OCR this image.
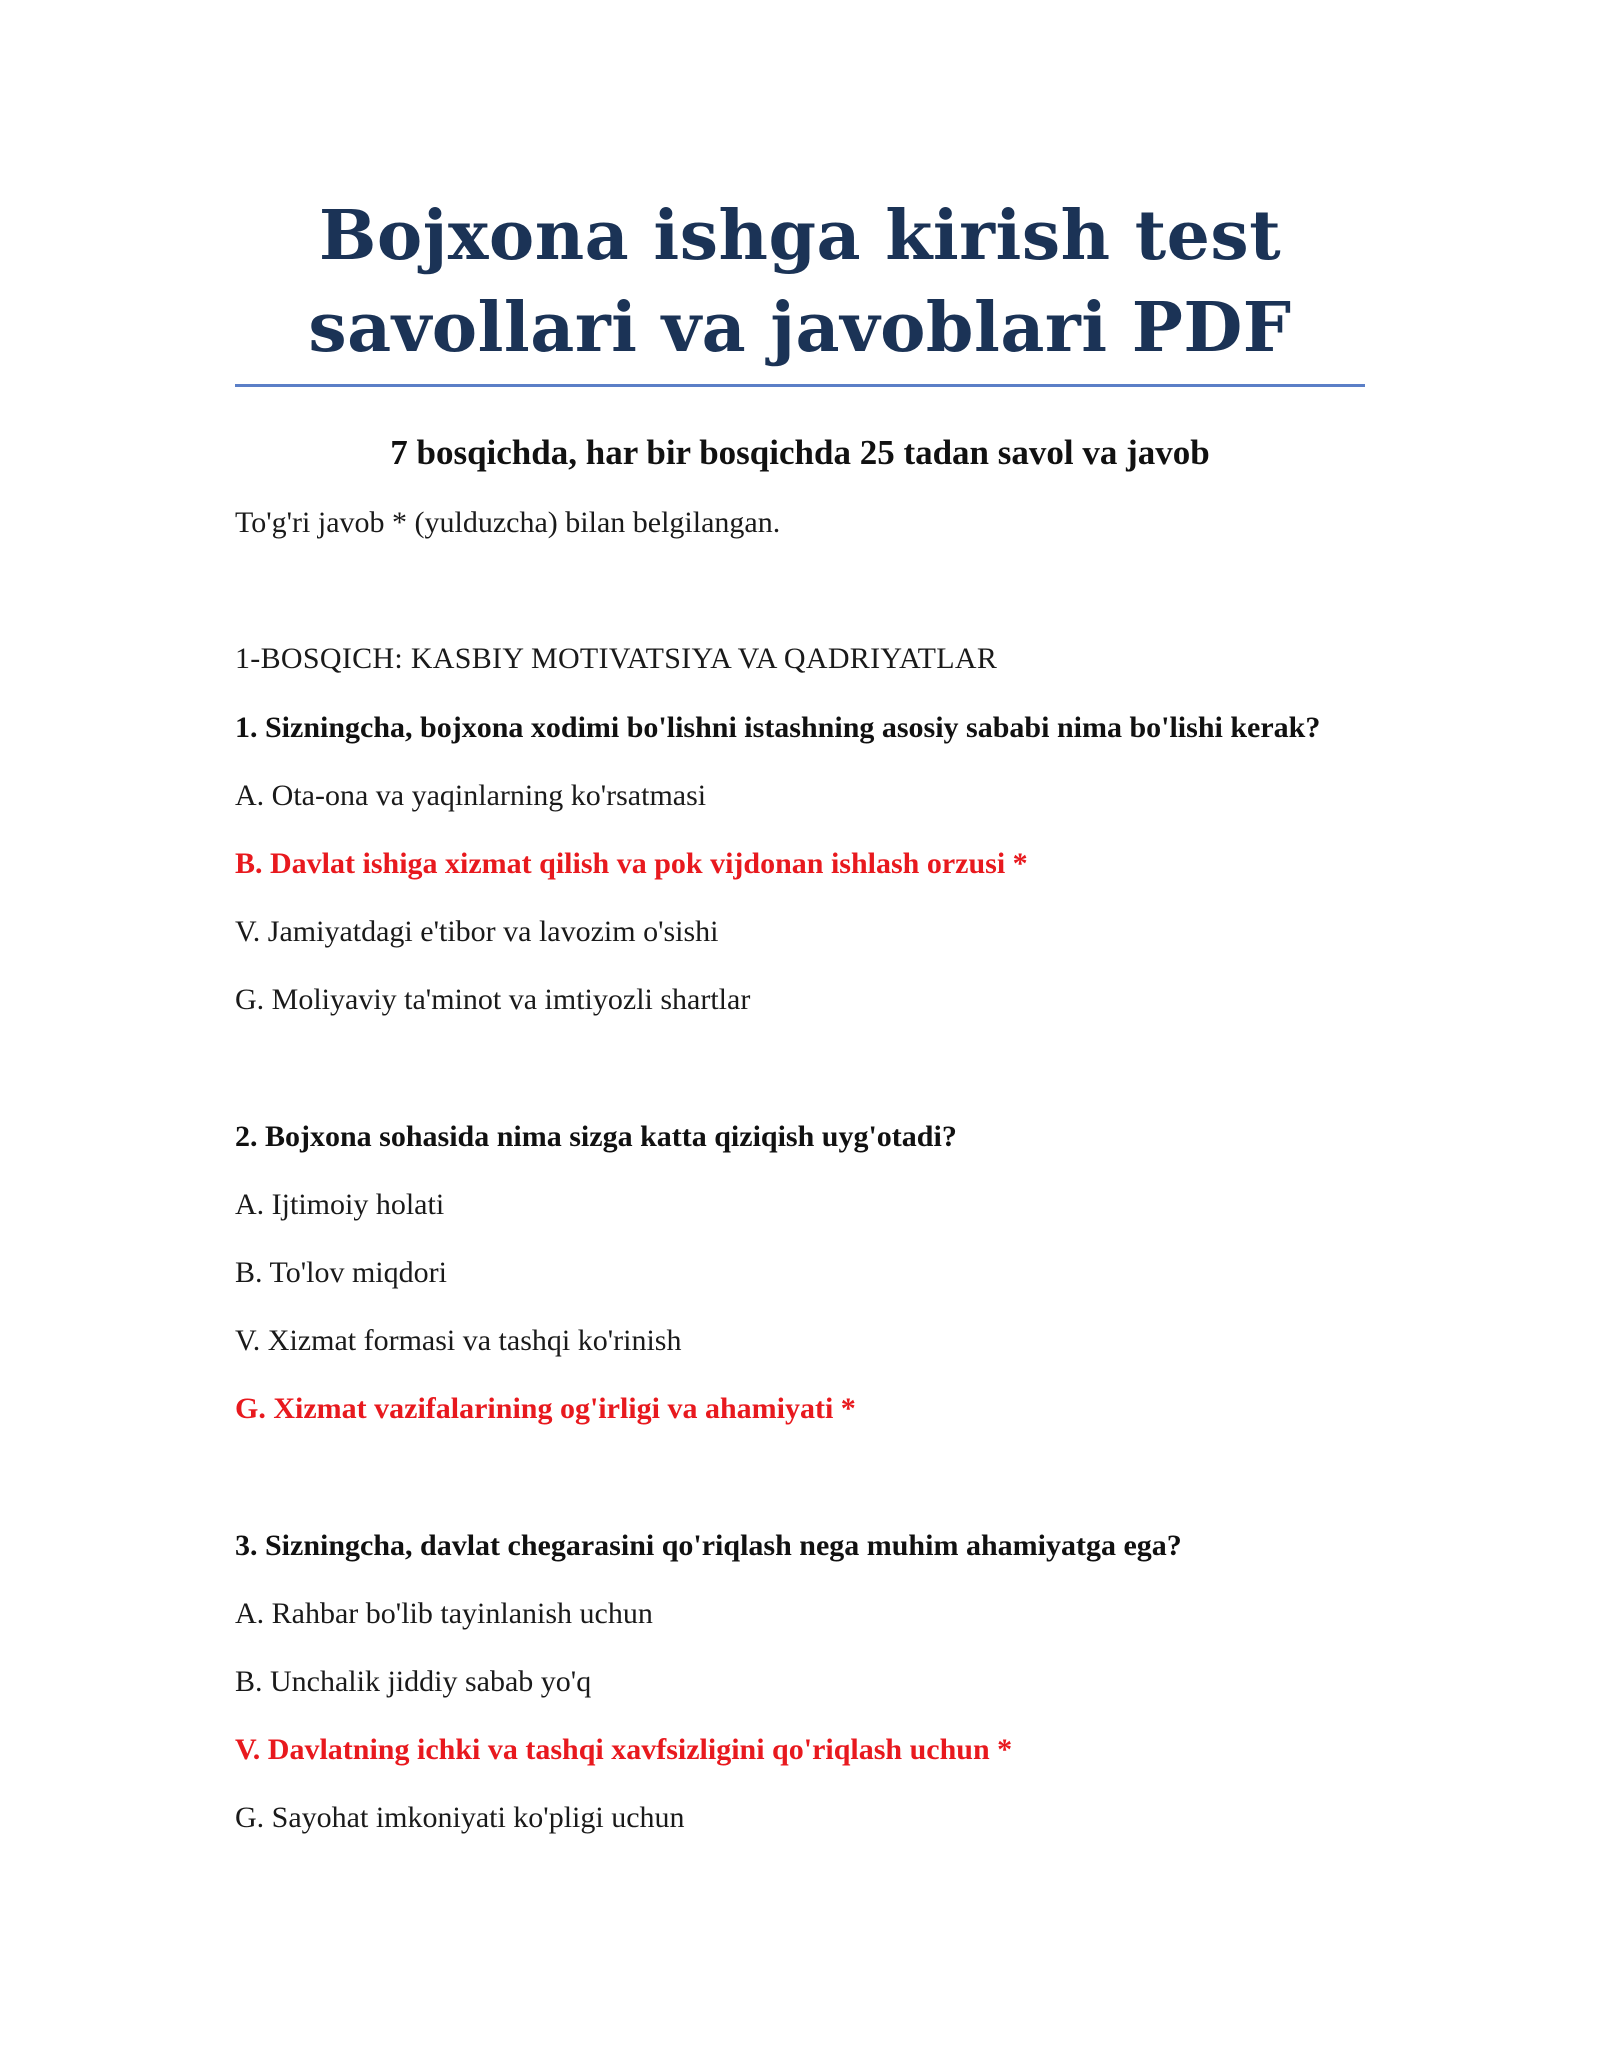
Bojxona ishga kirish test
savollari va javoblari PDF

7 bosqichda, har bir bosqichda 25 tadan savol va javob

To'g'ri javob * (yulduzcha) bilan belgilangan.

1-BOSQICH: KASBIY MOTIVATSIYA VA QADRIYATLAR

1. Sizningcha, bojxona xodimi bo'lishni istashning asosiy sababi nima bo'lishi kerak?

A. Ota-ona va yaqinlarning ko'rsatmasi

B. Davlat ishiga xizmat qilish va pok vijdonan ishlash orzusi *

V. Jamiyatdagi e'tibor va lavozim o'sishi

G. Moliyaviy ta'minot va imtiyozli shartlar

2. Bojxona sohasida nima sizga katta qiziqish uyg'otadi?

A. Ijtimoiy holati

B. To'lov miqdori

V. Xizmat formasi va tashqi ko'rinish

G. Xizmat vazifalarining og'irligi va ahamiyati *

3. Sizningcha, davlat chegarasini qo'riqlash nega muhim ahamiyatga ega?

A. Rahbar bo'lib tayinlanish uchun

B. Unchalik jiddiy sabab yo'q

V. Davlatning ichki va tashqi xavfsizligini qo'riqlash uchun *

G. Sayohat imkoniyati ko'pligi uchun
